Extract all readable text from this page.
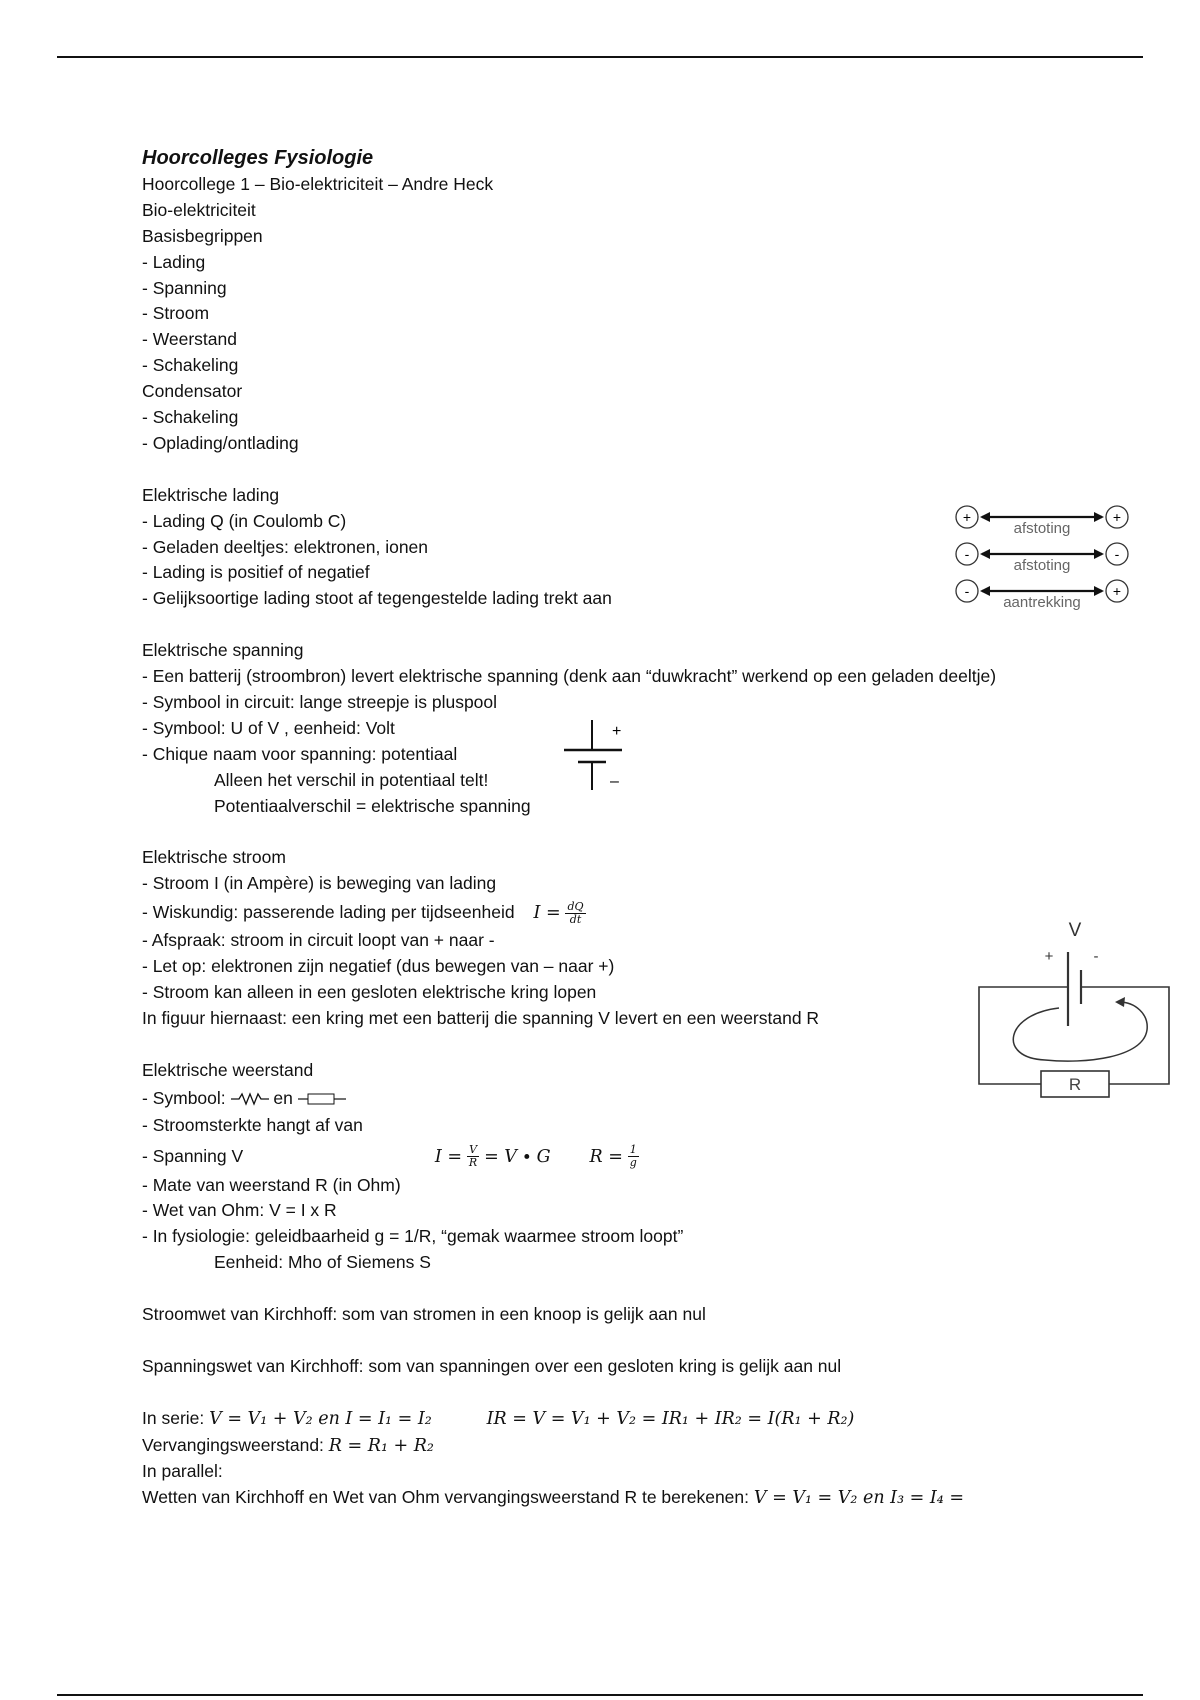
Hoorcolleges Fysiologie
Hoorcollege 1 – Bio-elektriciteit – Andre Heck
Bio-elektriciteit
Basisbegrippen
- Lading
- Spanning
- Stroom
- Weerstand
- Schakeling
Condensator
- Schakeling
- Oplading/ontlading
Elektrische lading
- Lading Q (in Coulomb C)
- Geladen deeltjes: elektronen, ionen
- Lading is positief of negatief
- Gelijksoortige lading stoot af tegengestelde lading trekt aan
Elektrische spanning
- Een batterij (stroombron) levert elektrische spanning (denk aan “duwkracht” werkend op een geladen deeltje)
- Symbool in circuit: lange streepje is pluspool
- Symbool: U of V , eenheid: Volt
- Chique naam voor spanning: potentiaal
Alleen het verschil in potentiaal telt!
Potentiaalverschil = elektrische spanning
Elektrische stroom
- Stroom I (in Ampère) is beweging van lading
- Wiskundig: passerende lading per tijdseenheid $I = \frac{dQ}{dt}$
- Afspraak: stroom in circuit loopt van + naar -
- Let op: elektronen zijn negatief (dus bewegen van – naar +)
- Stroom kan alleen in een gesloten elektrische kring lopen
In figuur hiernaast: een kring met een batterij die spanning V levert en een weerstand R
Elektrische weerstand
- Symbool:	en
- Stroomsterkte hangt af van
- Spanning V	$I = \frac{V}{R} = V \cdot G$ $R = \frac{1}{g}$
- Mate van weerstand R (in Ohm)
- Wet van Ohm: V = I x R
- In fysiologie: geleidbaarheid g = 1/R, “gemak waarmee stroom loopt”
Eenheid: Mho of Siemens S
Stroomwet van Kirchhoff: som van stromen in een knoop is gelijk aan nul
Spanningswet van Kirchhoff: som van spanningen over een gesloten kring is gelijk aan nul
In serie: V = V₁ + V₂ en I = I₁ = I₂	IR = V = V₁ + V₂ = IR₁ + IR₂ = I(R₁ + R₂)
Vervangingsweerstand: R = R₁ + R₂
In parallel:
Wetten van Kirchhoff en Wet van Ohm vervangingsweerstand R te berekenen: V = V₁ = V₂ en I₃ = I₄ =
+
afstoting
+
-
afstoting
-
-
aantrekking
+
+
–
V
+	-
R
